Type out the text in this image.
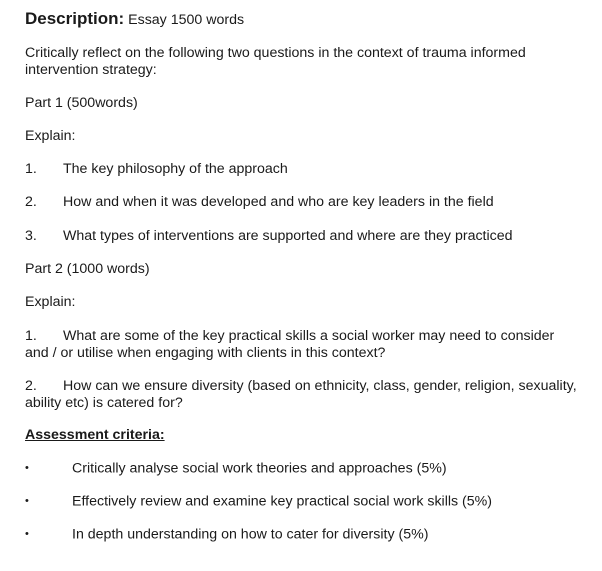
Description: Essay 1500 words
Critically reflect on the following two questions in the context of trauma informed
intervention strategy:
Part 1 (500words)
Explain:
1. The key philosophy of the approach
2. How and when it was developed and who are key leaders in the field
3. What types of interventions are supported and where are they practiced
Part 2 (1000 words)
Explain:
1. What are some of the key practical skills a social worker may need to consider
and / or utilise when engaging with clients in this context?
2. How can we ensure diversity (based on ethnicity, class, gender, religion, sexuality,
ability etc) is catered for?
Assessment criteria:
•	Critically analyse social work theories and approaches (5%)
•	Effectively review and examine key practical social work skills (5%)
•	In depth understanding on how to cater for diversity (5%)
